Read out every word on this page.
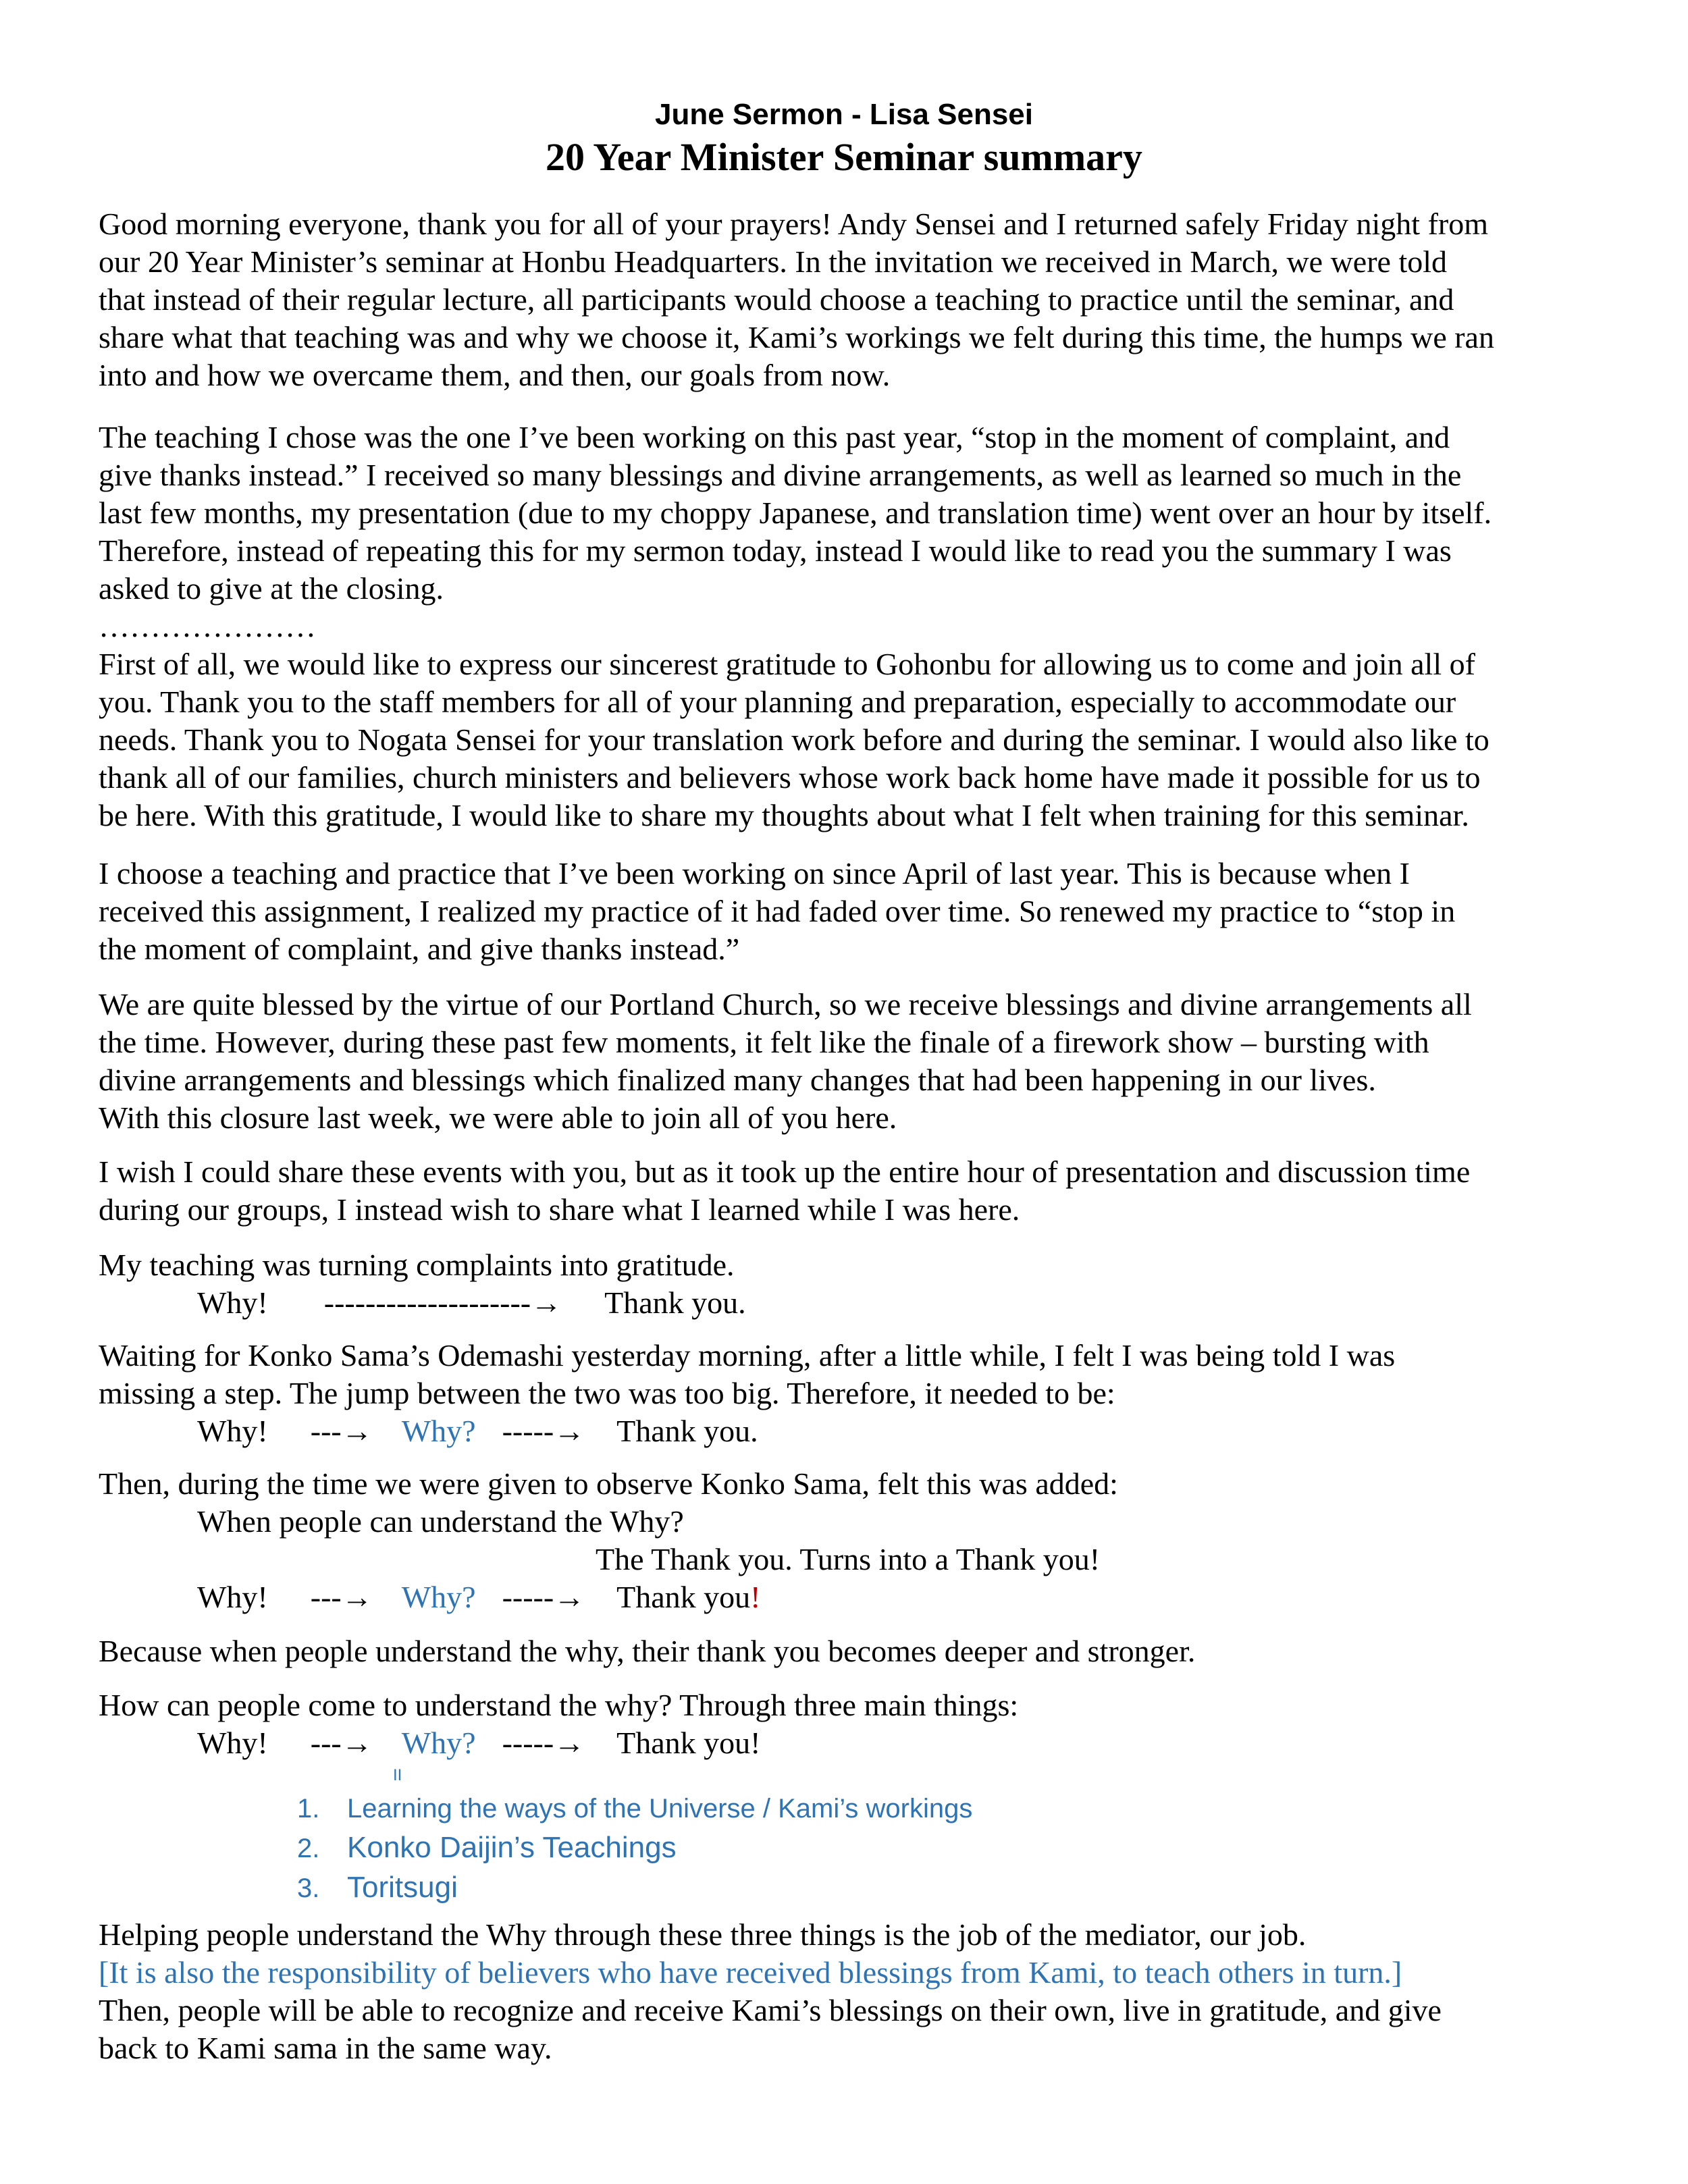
June Sermon - Lisa Sensei
20 Year Minister Seminar summary
Good morning everyone, thank you for all of your prayers! Andy Sensei and I returned safely Friday night from
our 20 Year Minister’s seminar at Honbu Headquarters. In the invitation we received in March, we were told
that instead of their regular lecture, all participants would choose a teaching to practice until the seminar, and
share what that teaching was and why we choose it, Kami’s workings we felt during this time, the humps we ran
into and how we overcame them, and then, our goals from now.
The teaching I chose was the one I’ve been working on this past year, “stop in the moment of complaint, and
give thanks instead.” I received so many blessings and divine arrangements, as well as learned so much in the
last few months, my presentation (due to my choppy Japanese, and translation time) went over an hour by itself.
Therefore, instead of repeating this for my sermon today, instead I would like to read you the summary I was
asked to give at the closing.
…………………
First of all, we would like to express our sincerest gratitude to Gohonbu for allowing us to come and join all of
you. Thank you to the staff members for all of your planning and preparation, especially to accommodate our
needs. Thank you to Nogata Sensei for your translation work before and during the seminar. I would also like to
thank all of our families, church ministers and believers whose work back home have made it possible for us to
be here. With this gratitude, I would like to share my thoughts about what I felt when training for this seminar.
I choose a teaching and practice that I’ve been working on since April of last year. This is because when I
received this assignment, I realized my practice of it had faded over time. So renewed my practice to “stop in
the moment of complaint, and give thanks instead.”
We are quite blessed by the virtue of our Portland Church, so we receive blessings and divine arrangements all
the time. However, during these past few moments, it felt like the finale of a firework show – bursting with
divine arrangements and blessings which finalized many changes that had been happening in our lives.
With this closure last week, we were able to join all of you here.
I wish I could share these events with you, but as it took up the entire hour of presentation and discussion time
during our groups, I instead wish to share what I learned while I was here.
My teaching was turning complaints into gratitude.
Why! --------------------→ Thank you.
Waiting for Konko Sama’s Odemashi yesterday morning, after a little while, I felt I was being told I was
missing a step. The jump between the two was too big. Therefore, it needed to be:
Why! ---→ Why? -----→ Thank you.
Then, during the time we were given to observe Konko Sama, felt this was added:
When people can understand the Why?
The Thank you. Turns into a Thank you!
Why! ---→ Why? -----→ Thank you!
Because when people understand the why, their thank you becomes deeper and stronger.
How can people come to understand the why? Through three main things:
Why! ---→ Why? -----→ Thank you!
II
1. Learning the ways of the Universe / Kami’s workings
2. Konko Daijin’s Teachings
3. Toritsugi
Helping people understand the Why through these three things is the job of the mediator, our job.
[It is also the responsibility of believers who have received blessings from Kami, to teach others in turn.]
Then, people will be able to recognize and receive Kami’s blessings on their own, live in gratitude, and give
back to Kami sama in the same way.
